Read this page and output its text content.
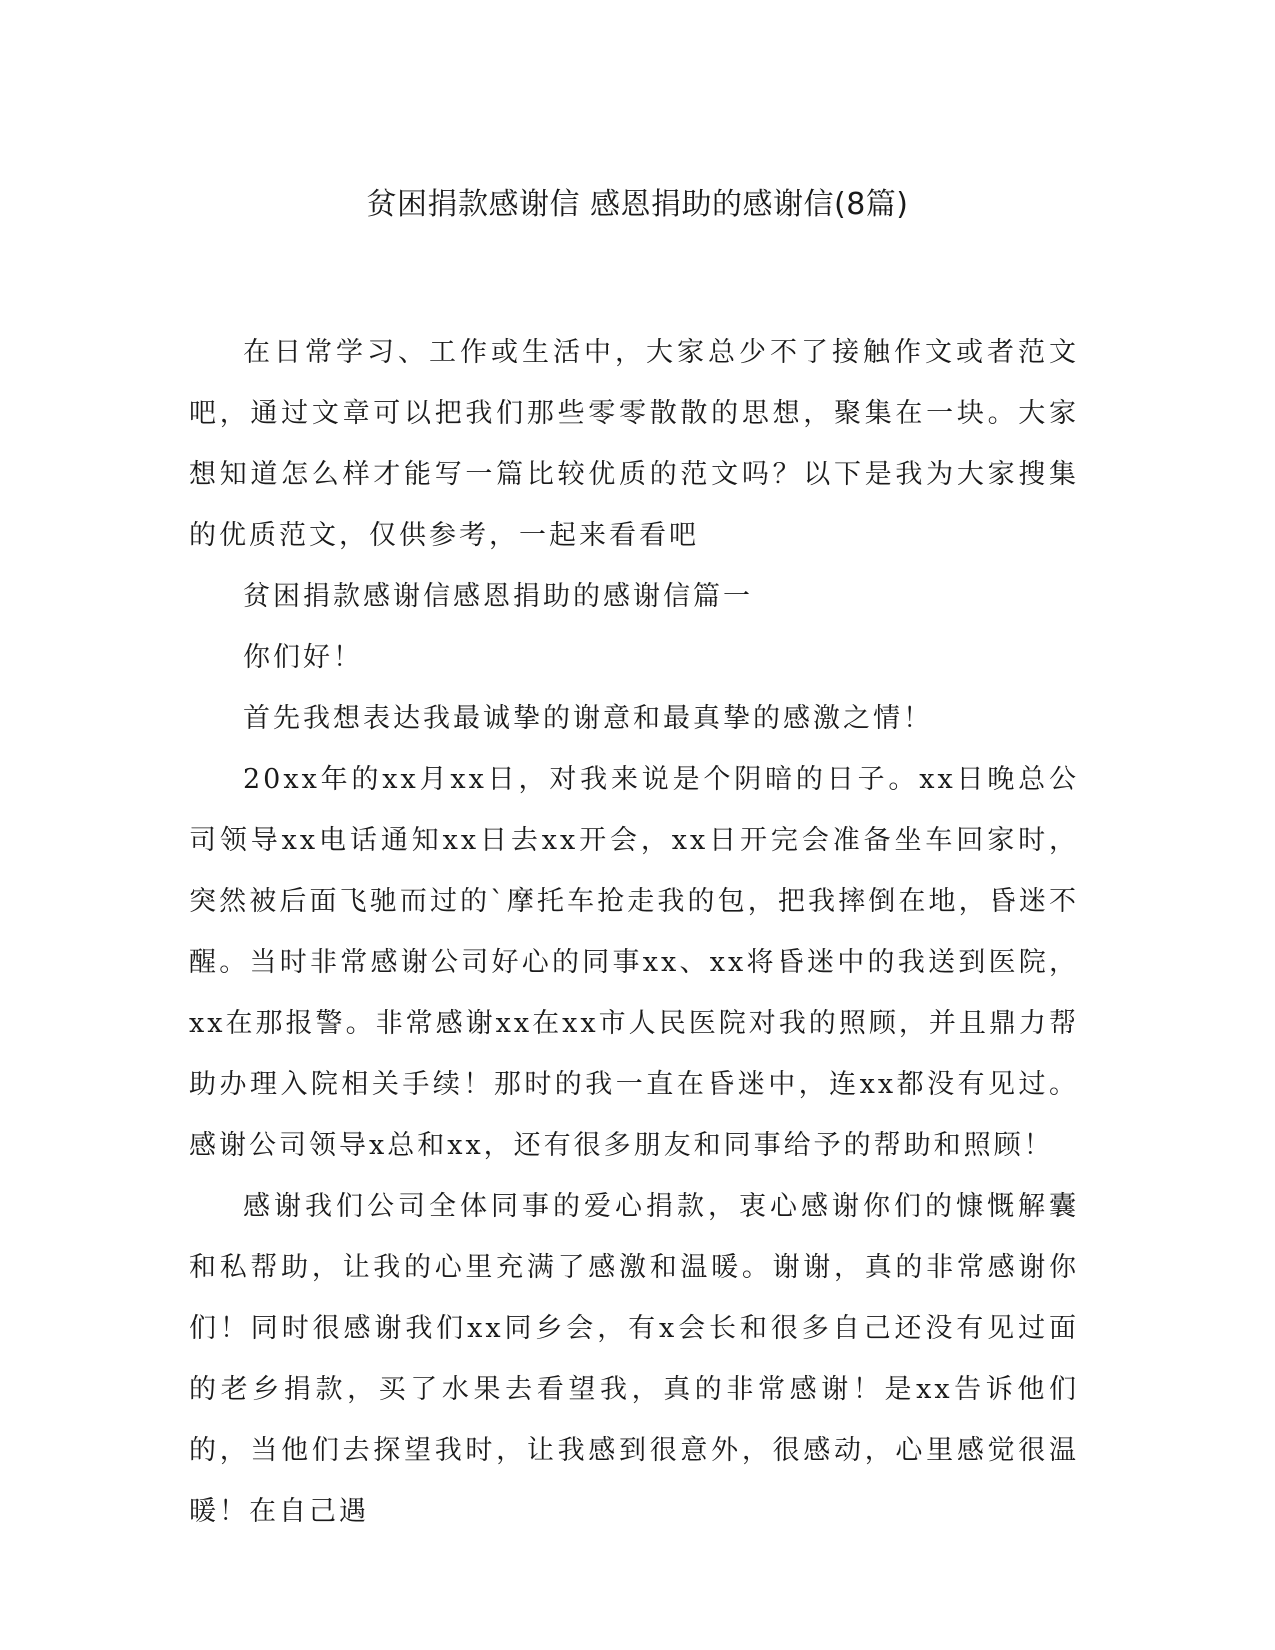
贫困捐款感谢信 感恩捐助的感谢信(8篇)

在日常学习、工作或生活中，大家总少不了接触作文或者范文吧，通过文章可以把我们那些零零散散的思想，聚集在一块。大家想知道怎么样才能写一篇比较优质的范文吗？以下是我为大家搜集的优质范文，仅供参考，一起来看看吧

贫困捐款感谢信感恩捐助的感谢信篇一

你们好！

首先我想表达我最诚挚的谢意和最真挚的感激之情！

20xx年的xx月xx日，对我来说是个阴暗的日子。xx日晚总公司领导xx电话通知xx日去xx开会，xx日开完会准备坐车回家时，突然被后面飞驰而过的`摩托车抢走我的包，把我摔倒在地，昏迷不醒。当时非常感谢公司好心的同事xx、xx将昏迷中的我送到医院，xx在那报警。非常感谢xx在xx市人民医院对我的照顾，并且鼎力帮助办理入院相关手续！那时的我一直在昏迷中，连xx都没有见过。感谢公司领导x总和xx，还有很多朋友和同事给予的帮助和照顾！

感谢我们公司全体同事的爱心捐款，衷心感谢你们的慷慨解囊和私帮助，让我的心里充满了感激和温暖。谢谢，真的非常感谢你们！同时很感谢我们xx同乡会，有x会长和很多自己还没有见过面的老乡捐款，买了水果去看望我，真的非常感谢！是xx告诉他们的，当他们去探望我时，让我感到很意外，很感动，心里感觉很温暖！在自己遇
